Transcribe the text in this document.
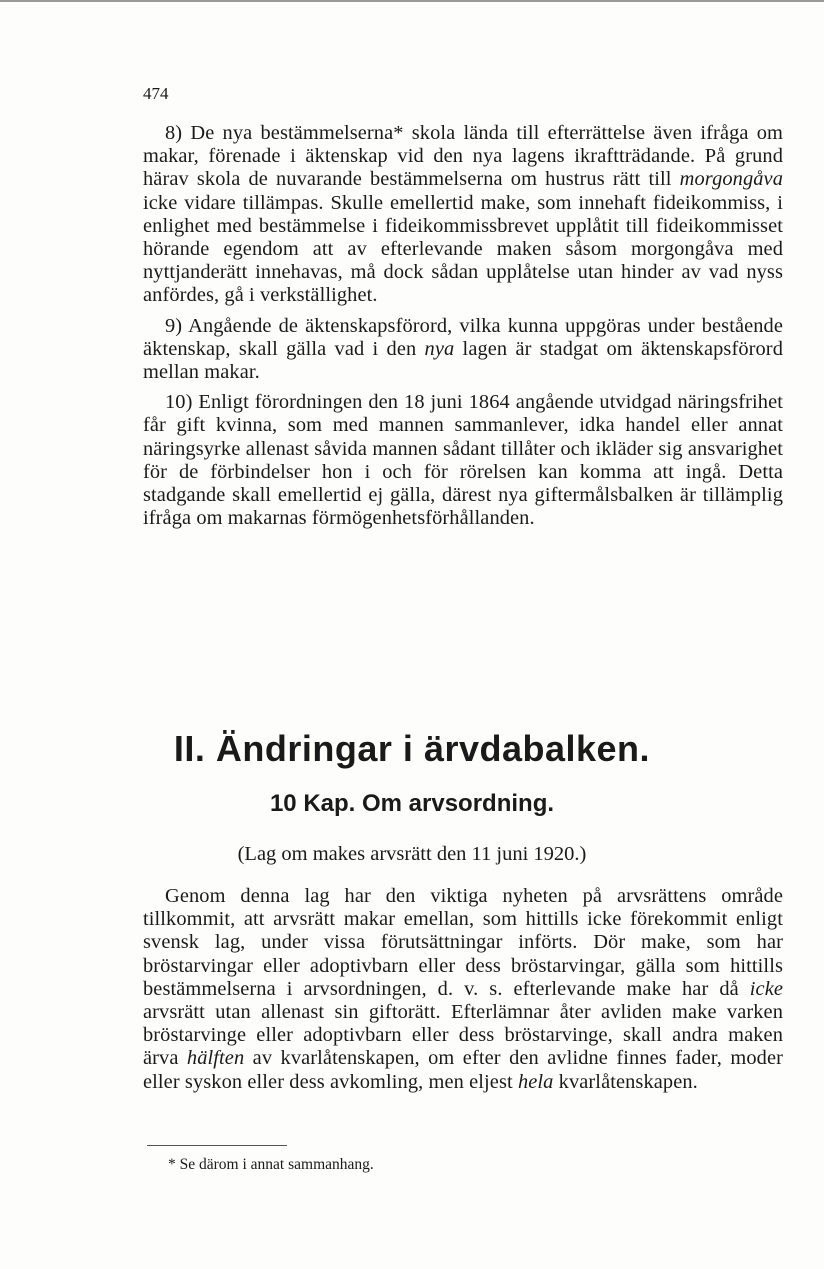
474

8) De nya bestämmelserna* skola lända till efterrättelse även ifråga om makar, förenade i äktenskap vid den nya lagens ikraftträdande. På grund härav skola de nuvarande bestämmelserna om hustrus rätt till morgongåva icke vidare tillämpas. Skulle emellertid make, som innehaft fideikommiss, i enlighet med bestämmelse i fideikommissbrevet upplåtit till fideikommisset hörande egendom att av efterlevande maken såsom morgongåva med nyttjanderätt innehavas, må dock sådan upplåtelse utan hinder av vad nyss anfördes, gå i verkställighet.

9) Angående de äktenskapsförord, vilka kunna uppgöras under bestående äktenskap, skall gälla vad i den nya lagen är stadgat om äktenskapsförord mellan makar.

10) Enligt förordningen den 18 juni 1864 angående utvidgad näringsfrihet får gift kvinna, som med mannen sammanlever, idka handel eller annat näringsyrke allenast såvida mannen sådant tillåter och ikläder sig ansvarighet för de förbindelser hon i och för rörelsen kan komma att ingå. Detta stadgande skall emellertid ej gälla, därest nya giftermålsbalken är tillämplig ifråga om makarnas förmögenhetsförhållanden.

II. Ändringar i ärvdabalken.
10 Kap. Om arvsordning.
(Lag om makes arvsrätt den 11 juni 1920.)

Genom denna lag har den viktiga nyheten på arvsrättens område tillkommit, att arvsrätt makar emellan, som hittills icke förekommit enligt svensk lag, under vissa förutsättningar införts. Dör make, som har bröstarvingar eller adoptivbarn eller dess bröstarvingar, gälla som hittills bestämmelserna i arvsordningen, d. v. s. efterlevande make har då icke arvsrätt utan allenast sin giftorätt. Efterlämnar åter avliden make varken bröstarvinge eller adoptivbarn eller dess bröstarvinge, skall andra maken ärva hälften av kvarlåtenskapen, om efter den avlidne finnes fader, moder eller syskon eller dess avkomling, men eljest hela kvarlåtenskapen.

* Se därom i annat sammanhang.
